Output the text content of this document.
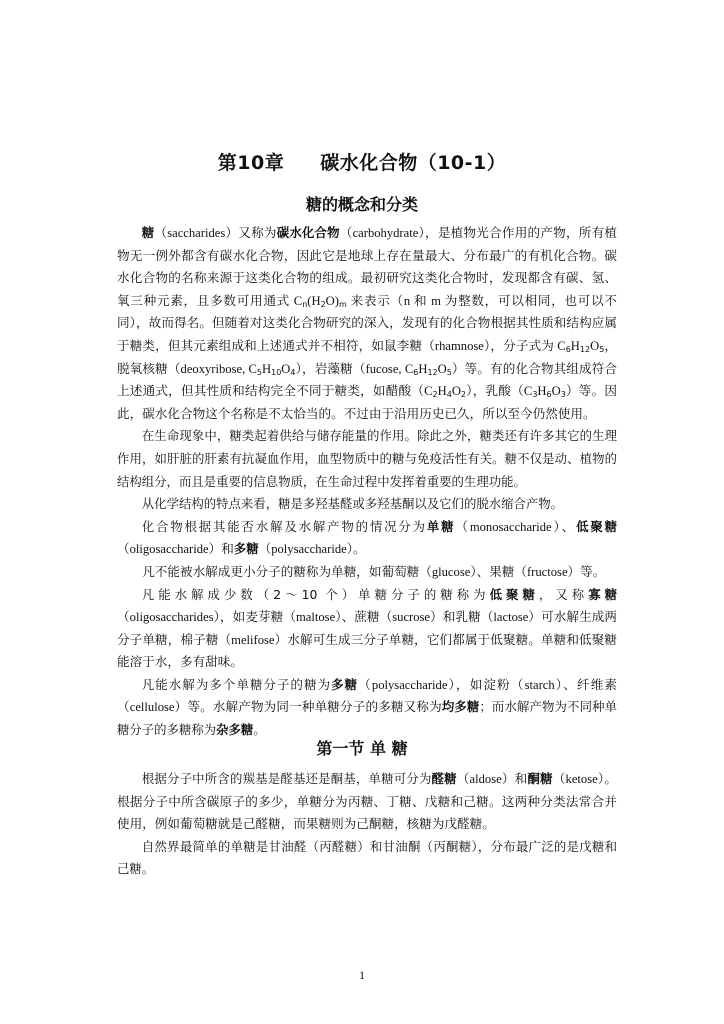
第10章 碳水化合物（10-1）
糖的概念和分类

糖（saccharides）又称为碳水化合物（carbohydrate），是植物光合作用的产物，所有植物无一例外都含有碳水化合物，因此它是地球上存在量最大、分布最广的有机化合物。碳水化合物的名称来源于这类化合物的组成。最初研究这类化合物时，发现都含有碳、氢、氧三种元素，且多数可用通式 $C_n(H_2O)_m$ 来表示（n 和 m 为整数，可以相同，也可以不同），故而得名。但随着对这类化合物研究的深入，发现有的化合物根据其性质和结构应属于糖类，但其元素组成和上述通式并不相符，如鼠李糖（rhamnose），分子式为 $C_6H_{12}O_5$，脱氧核糖（deoxyribose, $C_5H_{10}O_4$），岩藻糖（fucose, $C_6H_{12}O_5$）等。有的化合物其组成符合上述通式，但其性质和结构完全不同于糖类，如醋酸$(C_2H_4O_2)$，乳酸$(C_3H_6O_3)$等。因此，碳水化合物这个名称是不太恰当的。不过由于沿用历史已久，所以至今仍然使用。

在生命现象中，糖类起着供给与储存能量的作用。除此之外，糖类还有许多其它的生理作用，如肝脏的肝素有抗凝血作用，血型物质中的糖与免疫活性有关。糖不仅是动、植物的结构组分，而且是重要的信息物质，在生命过程中发挥着重要的生理功能。

从化学结构的特点来看，糖是多羟基醛或多羟基酮以及它们的脱水缩合产物。

化合物根据其能否水解及水解产物的情况分为单糖（monosaccharide）、低聚糖（oligosaccharide）和多糖（polysaccharide）。

凡不能被水解成更小分子的糖称为单糖，如葡萄糖（glucose）、果糖（fructose）等。

凡能水解成少数（2～10 个）单糖分子的糖称为低聚糖，又称寡糖（oligosaccharides），如麦芽糖（maltose）、蔗糖（sucrose）和乳糖（lactose）可水解生成两分子单糖，棉子糖（melifose）水解可生成三分子单糖，它们都属于低聚糖。单糖和低聚糖能溶于水，多有甜味。

凡能水解为多个单糖分子的糖为多糖（polysaccharide），如淀粉（starch）、纤维素（cellulose）等。水解产物为同一种单糖分子的多糖又称为均多糖；而水解产物为不同种单糖分子的多糖称为杂多糖。

第一节 单 糖

根据分子中所含的羰基是醛基还是酮基，单糖可分为醛糖（aldose）和酮糖（ketose）。根据分子中所含碳原子的多少，单糖分为丙糖、丁糖、戊糖和己糖。这两种分类法常合并使用，例如葡萄糖就是己醛糖，而果糖则为己酮糖，核糖为戊醛糖。

自然界最简单的单糖是甘油醛（丙醛糖）和甘油酮（丙酮糖），分布最广泛的是戊糖和己糖。

1
